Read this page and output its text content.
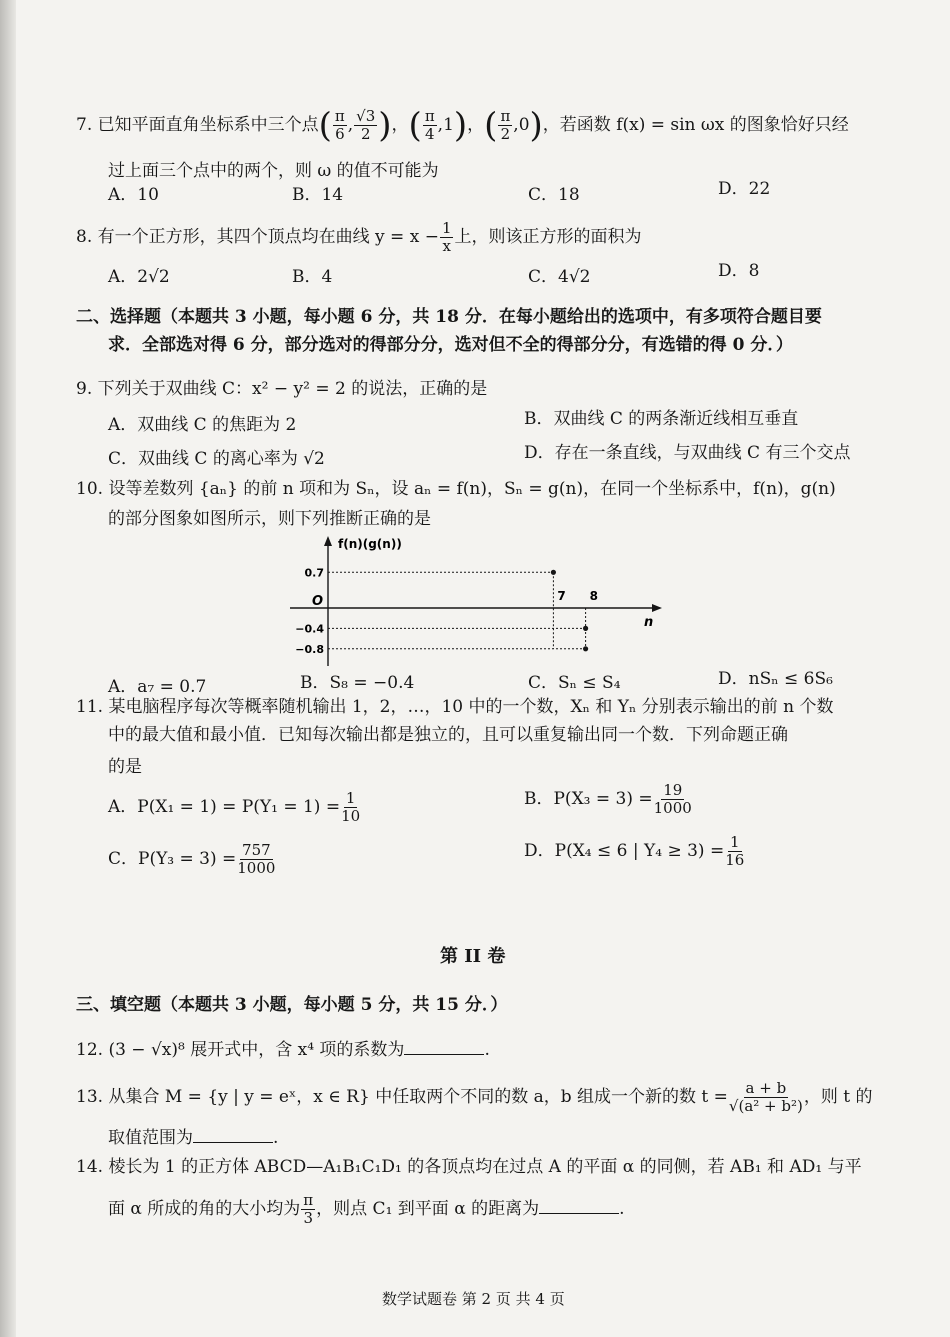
7. 已知平面直角坐标系中三个点( $\frac{\pi}{6}$ , $\frac{√3}{2}$ )，( $\frac{\pi}{4} ,1$)，( $\frac{\pi}{2} ,0$)，若函数 f(x) = sin ωx 的图象恰好只经
过上面三个点中的两个，则 ω 的值不可能为
A．10	B．14	C．18	D．22
8. 有一个正方形，其四个顶点均在曲线 $y = x - \frac{1}{x}$ 上，则该正方形的面积为
A．2√2	B．4	C．4√2	D．8
二、选择题（本题共 3 小题，每小题 6 分，共 18 分．在每小题给出的选项中，有多项符合题目要
求．全部选对得 6 分，部分选对的得部分分，选对但不全的得部分分，有选错的得 0 分．）
9. 下列关于双曲线 C：x² − y² = 2 的说法，正确的是
A．双曲线 C 的焦距为 2	B．双曲线 C 的两条渐近线相互垂直
C．双曲线 C 的离心率为 √2	D．存在一条直线，与双曲线 C 有三个交点
10. 设等差数列 {aₙ} 的前 n 项和为 Sₙ，设 aₙ = f(n)，Sₙ = g(n)，在同一个坐标系中，f(n)，g(n)
的部分图象如图所示，则下列推断正确的是
f(n)(g(n))
n
O
0.7
−0.4
−0.8
7 8
A．a₇ = 0.7	B．S₈ = −0.4	C．Sₙ ≤ S₄	D．nSₙ ≤ 6S₆
11. 某电脑程序每次等概率随机输出 1，2，…，10 中的一个数，Xₙ 和 Yₙ 分别表示输出的前 n 个数
中的最大值和最小值．已知每次输出都是独立的，且可以重复输出同一个数．下列命题正确
的是
A．$P(X_1 = 1) = P(Y_1 = 1) = \frac{1}{10}$	B．$P(X_3 = 3) = \frac{19}{1000}$
C．$P(Y_3 = 3) = \frac{757}{1000}$	D．P(X₄ ≤ 6 | $Y_4 \ge 3) = \frac{1}{16}$
第 II 卷
三、填空题（本题共 3 小题，每小题 5 分，共 15 分．）
12. (3 − √x)⁸ 展开式中，含 x⁴ 项的系数为	.
13. 从集合 M = {y | y = eˣ，x ∈ R} 中任取两个不同的数 a，b 组成一个新的数 $t = \frac{a + b}{\text{√(a² + b²)}}$ ，则 t 的
取值范围为	.
14. 棱长为 1 的正方体 ABCD—A₁B₁C₁D₁ 的各顶点均在过点 A 的平面 α 的同侧，若 AB₁ 和 AD₁ 与平
面 α 所成的角的大小均为 $\frac{\pi}{3}$ ，则点 C₁ 到平面 α 的距离为	.
数学试题卷 第 2 页 共 4 页
